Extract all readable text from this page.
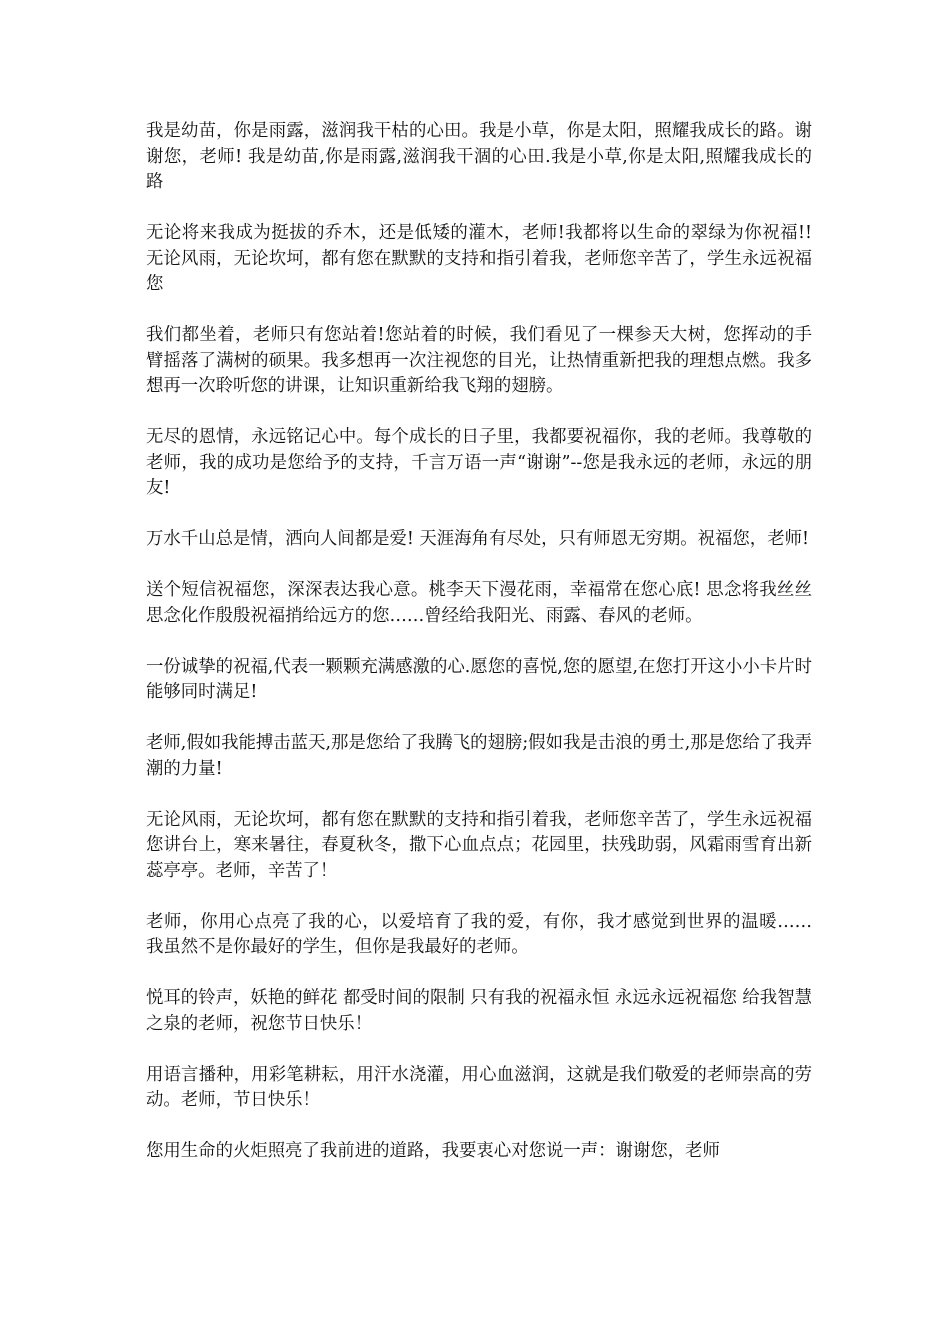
我是幼苗，你是雨露，滋润我干枯的心田。我是小草，你是太阳，照耀我成长的路。谢谢您，老师! 我是幼苗,你是雨露,滋润我干涸的心田.我是小草,你是太阳,照耀我成长的路

无论将来我成为挺拔的乔木，还是低矮的灌木，老师!我都将以生命的翠绿为你祝福!! 无论风雨，无论坎坷，都有您在默默的支持和指引着我，老师您辛苦了，学生永远祝福您

我们都坐着，老师只有您站着!您站着的时候，我们看见了一棵参天大树，您挥动的手臂摇落了满树的硕果。我多想再一次注视您的目光，让热情重新把我的理想点燃。我多想再一次聆听您的讲课，让知识重新给我飞翔的翅膀。

无尽的恩情，永远铭记心中。每个成长的日子里，我都要祝福你，我的老师。我尊敬的老师，我的成功是您给予的支持，千言万语一声“谢谢”--您是我永远的老师，永远的朋友!

万水千山总是情，洒向人间都是爱! 天涯海角有尽处，只有师恩无穷期。祝福您，老师!

送个短信祝福您，深深表达我心意。桃李天下漫花雨，幸福常在您心底! 思念将我丝丝思念化作殷殷祝福捎给远方的您……曾经给我阳光、雨露、春风的老师。

一份诚挚的祝福,代表一颗颗充满感激的心.愿您的喜悦,您的愿望,在您打开这小小卡片时能够同时满足!

老师,假如我能搏击蓝天,那是您给了我腾飞的翅膀;假如我是击浪的勇士,那是您给了我弄潮的力量!

无论风雨，无论坎坷，都有您在默默的支持和指引着我，老师您辛苦了，学生永远祝福您讲台上，寒来暑往，春夏秋冬，撒下心血点点；花园里，扶残助弱，风霜雨雪育出新蕊亭亭。老师，辛苦了！

老师，你用心点亮了我的心，以爱培育了我的爱，有你，我才感觉到世界的温暖…… 我虽然不是你最好的学生，但你是我最好的老师。

悦耳的铃声，妖艳的鲜花 都受时间的限制 只有我的祝福永恒 永远永远祝福您 给我智慧之泉的老师，祝您节日快乐！

用语言播种，用彩笔耕耘，用汗水浇灌，用心血滋润，这就是我们敬爱的老师崇高的劳动。老师，节日快乐！

您用生命的火炬照亮了我前进的道路，我要衷心对您说一声：谢谢您，老师
